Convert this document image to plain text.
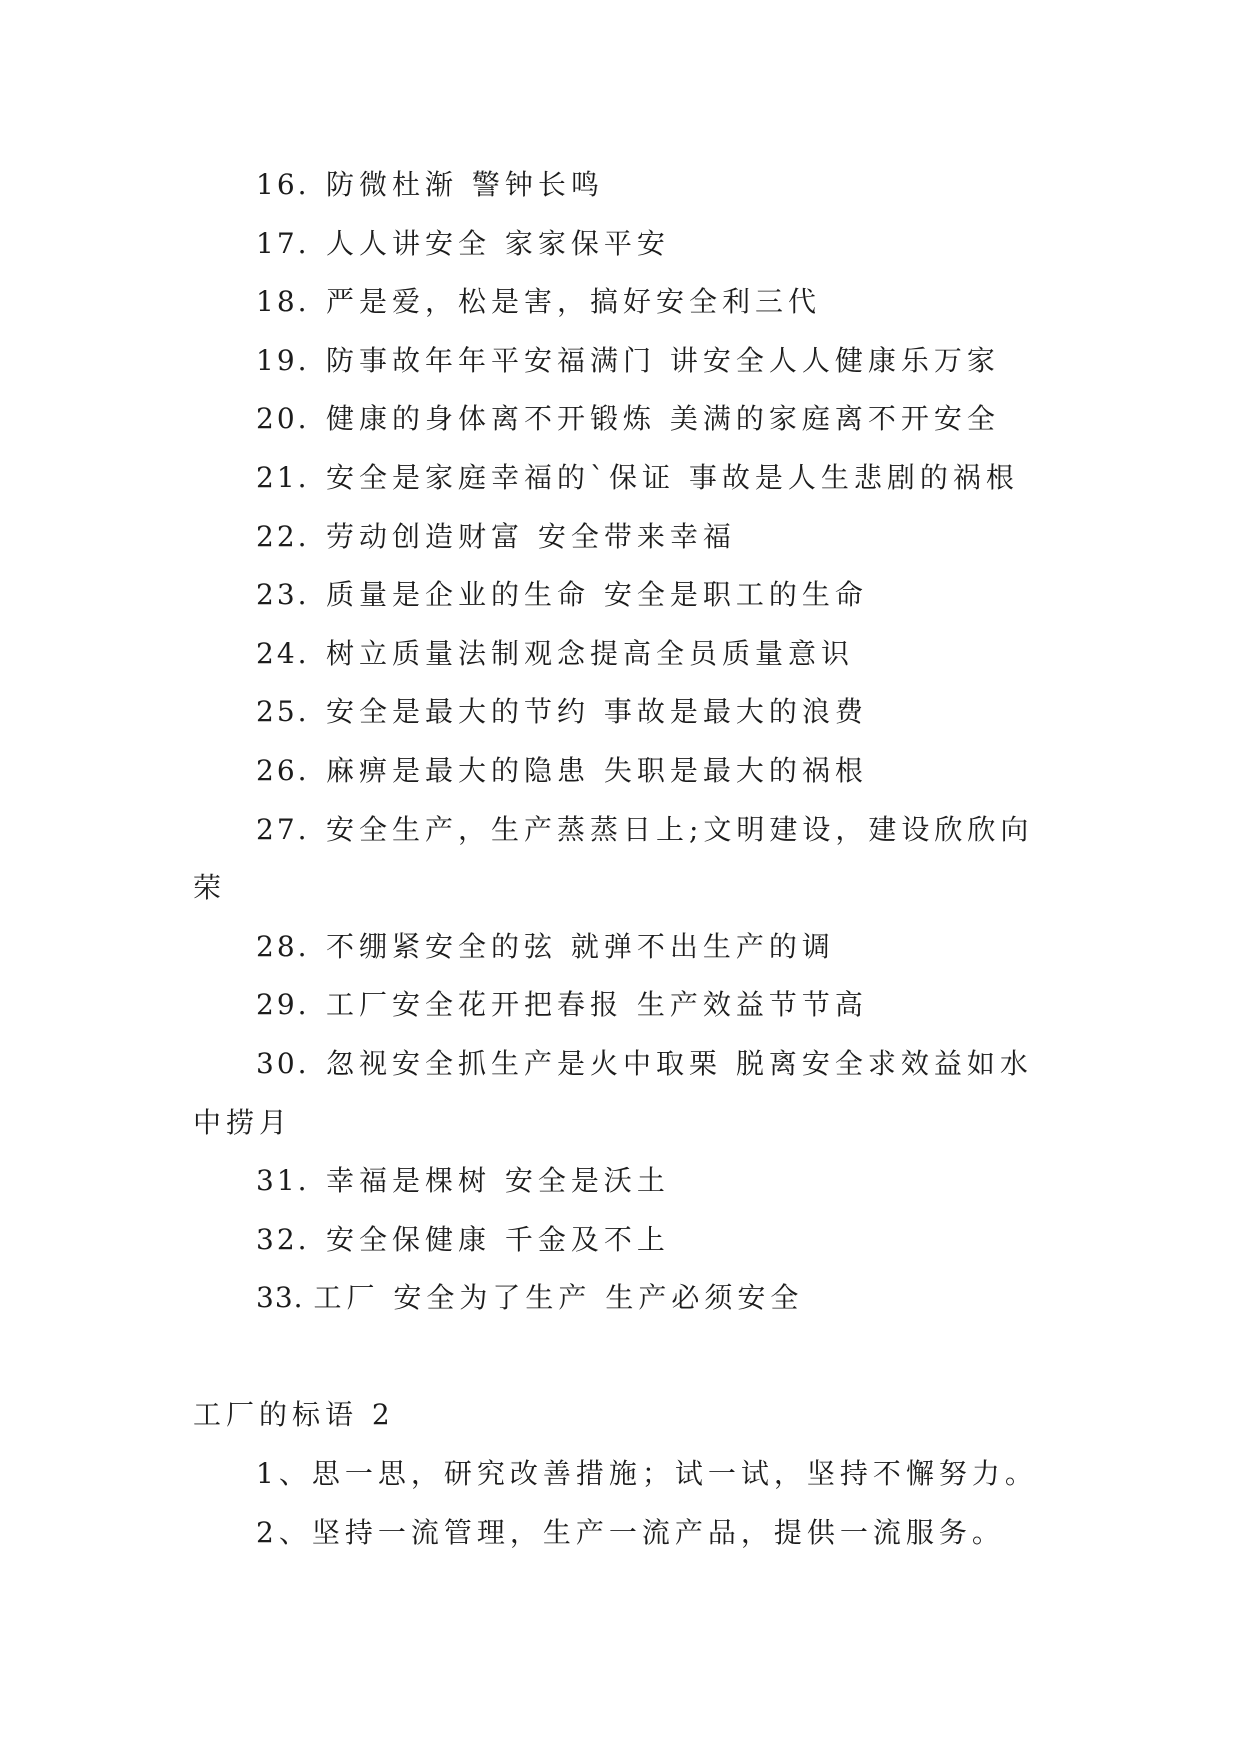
16. 防微杜渐 警钟长鸣
17. 人人讲安全 家家保平安
18. 严是爱，松是害，搞好安全利三代
19. 防事故年年平安福满门 讲安全人人健康乐万家
20. 健康的身体离不开锻炼 美满的家庭离不开安全
21. 安全是家庭幸福的`保证 事故是人生悲剧的祸根
22. 劳动创造财富 安全带来幸福
23. 质量是企业的生命 安全是职工的生命
24. 树立质量法制观念提高全员质量意识
25. 安全是最大的节约 事故是最大的浪费
26. 麻痹是最大的隐患 失职是最大的祸根
27. 安全生产，生产蒸蒸日上;文明建设，建设欣欣向
荣
28. 不绷紧安全的弦 就弹不出生产的调
29. 工厂安全花开把春报 生产效益节节高
30. 忽视安全抓生产是火中取栗 脱离安全求效益如水
中捞月
31. 幸福是棵树 安全是沃土
32. 安全保健康 千金及不上
33. 工厂 安全为了生产 生产必须安全
工厂的标语 2
1、思一思，研究改善措施；试一试，坚持不懈努力。
2、坚持一流管理，生产一流产品，提供一流服务。
